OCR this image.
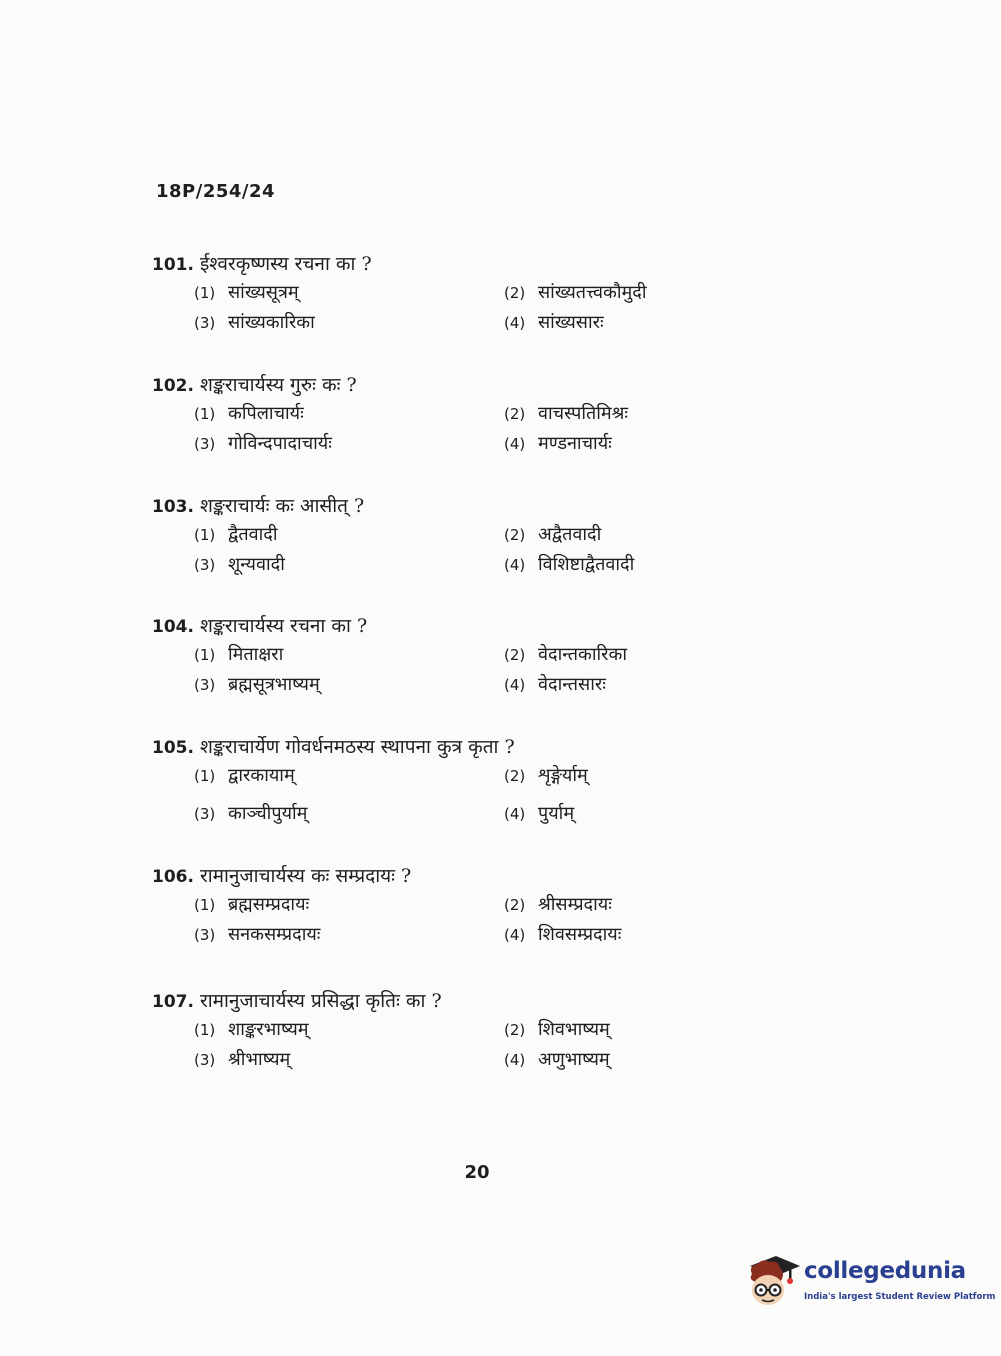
18P/254/24
101. ईश्वरकृष्णस्य रचना का ?
(1) सांख्यसूत्रम्	(2) सांख्यतत्त्वकौमुदी
(3) सांख्यकारिका	(4) सांख्यसारः
102. शङ्कराचार्यस्य गुरुः कः ?
(1) कपिलाचार्यः	(2) वाचस्पतिमिश्रः
(3) गोविन्दपादाचार्यः	(4) मण्डनाचार्यः
103. शङ्कराचार्यः कः आसीत् ?
(1) द्वैतवादी	(2) अद्वैतवादी
(3) शून्यवादी	(4) विशिष्टाद्वैतवादी
104. शङ्कराचार्यस्य रचना का ?
(1) मिताक्षरा	(2) वेदान्तकारिका
(3) ब्रह्मसूत्रभाष्यम्	(4) वेदान्तसारः
105. शङ्कराचार्येण गोवर्धनमठस्य स्थापना कुत्र कृता ?
(1) द्वारकायाम्	(2) शृङ्गेर्याम्
(3) काञ्चीपुर्याम्	(4) पुर्याम्
106. रामानुजाचार्यस्य कः सम्प्रदायः ?
(1) ब्रह्मसम्प्रदायः	(2) श्रीसम्प्रदायः
(3) सनकसम्प्रदायः	(4) शिवसम्प्रदायः
107. रामानुजाचार्यस्य प्रसिद्धा कृतिः का ?
(1) शाङ्करभाष्यम्	(2) शिवभाष्यम्
(3) श्रीभाष्यम्	(4) अणुभाष्यम्
20
collegedunia
India's largest Student Review Platform
